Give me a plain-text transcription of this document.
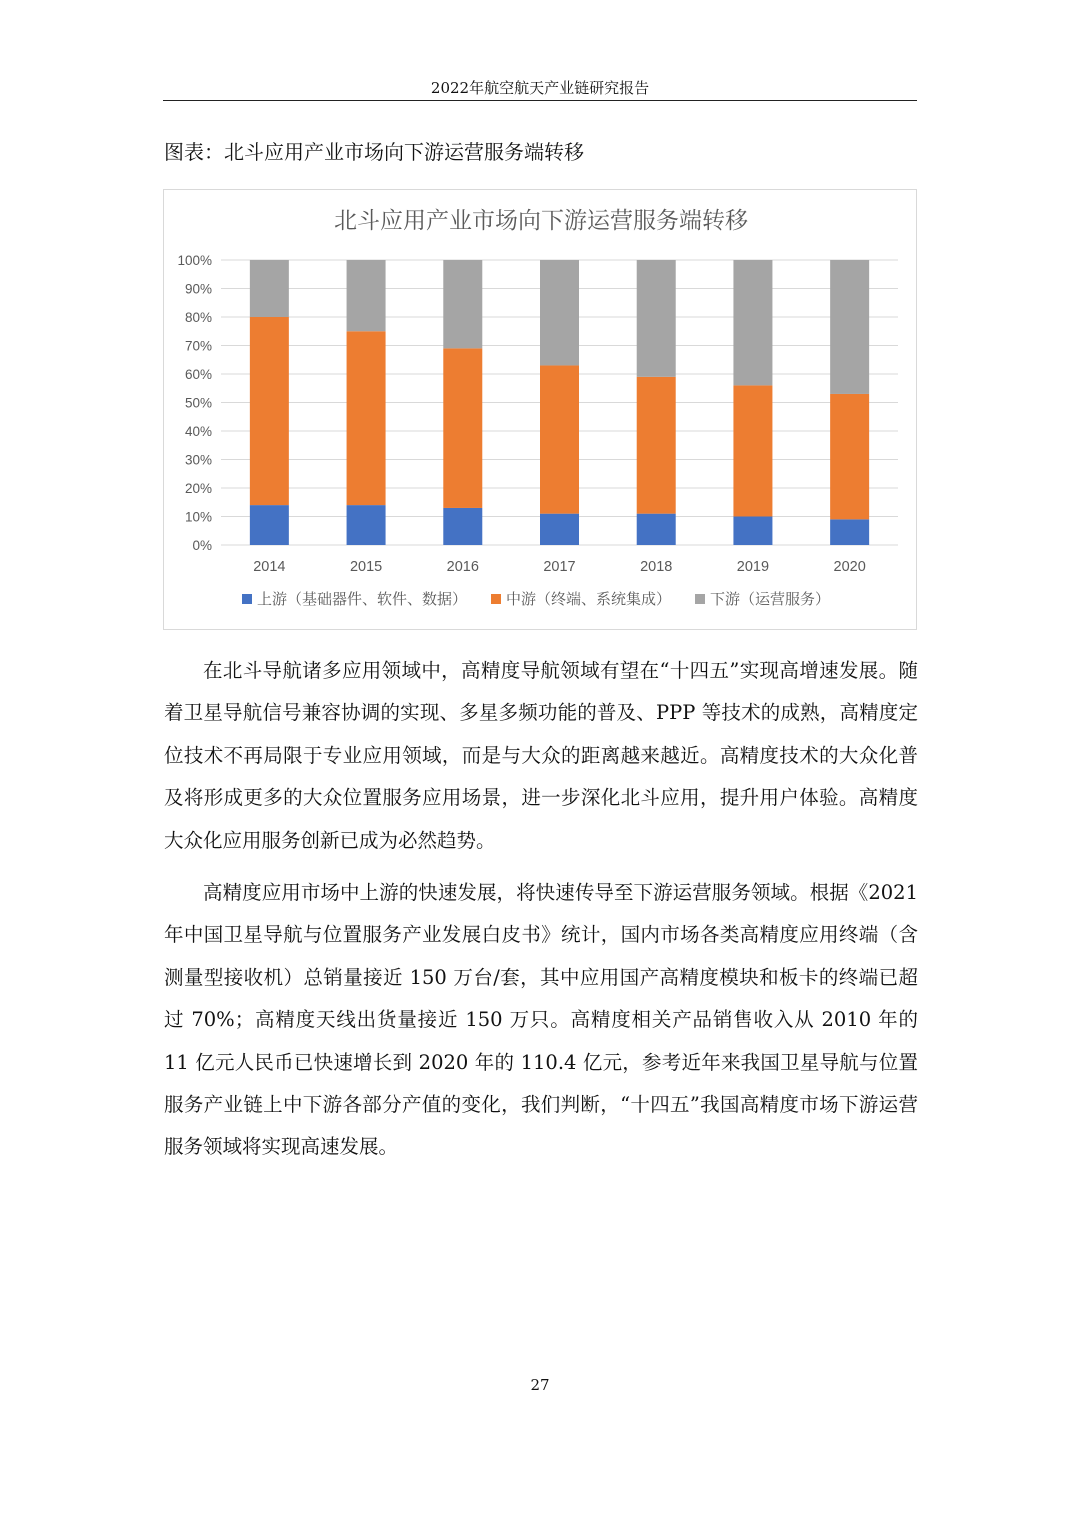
2022年航空航天产业链研究报告
图表：北斗应用产业市场向下游运营服务端转移
北斗应用产业市场向下游运营服务端转移
0%
10%
20%
30%
40%
50%
60%
70%
80%
90%
100%
2014	2015	2016	2017	2018	2019	2020
上游（基础器件、软件、数据）	中游（终端、系统集成）	下游（运营服务）

在北斗导航诸多应用领域中，高精度导航领域有望在“十四五”实现高增速发展。随着卫星导航信号兼容协调的实现、多星多频功能的普及、PPP 等技术的成熟，高精度定位技术不再局限于专业应用领域，而是与大众的距离越来越近。高精度技术的大众化普及将形成更多的大众位置服务应用场景，进一步深化北斗应用，提升用户体验。高精度大众化应用服务创新已成为必然趋势。

高精度应用市场中上游的快速发展，将快速传导至下游运营服务领域。根据《2021 年中国卫星导航与位置服务产业发展白皮书》统计，国内市场各类高精度应用终端（含测量型接收机）总销量接近 150 万台/套，其中应用国产高精度模块和板卡的终端已超过 70%；高精度天线出货量接近 150 万只。高精度相关产品销售收入从 2010 年的 11 亿元人民币已快速增长到 2020 年的 110.4 亿元，参考近年来我国卫星导航与位置服务产业链上中下游各部分产值的变化，我们判断，“十四五”我国高精度市场下游运营服务领域将实现高速发展。

27
